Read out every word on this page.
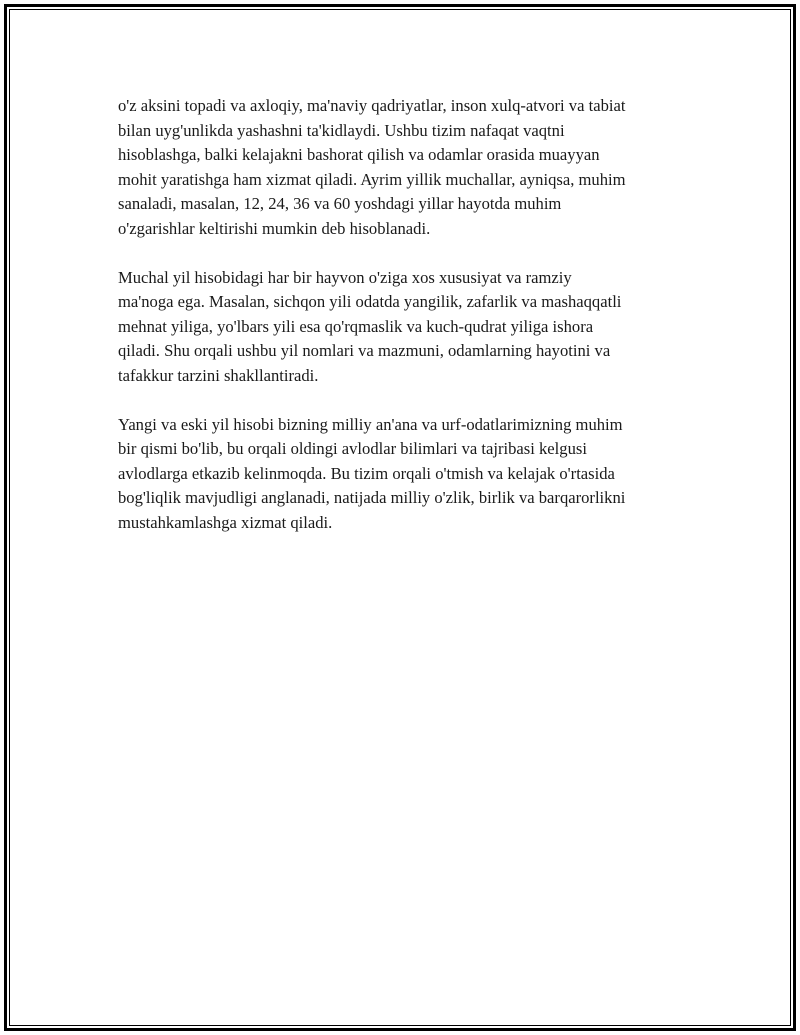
o'z aksini topadi va axloqiy, ma'naviy qadriyatlar, inson xulq-atvori va tabiat
bilan uyg'unlikda yashashni ta'kidlaydi. Ushbu tizim nafaqat vaqtni
hisoblashga, balki kelajakni bashorat qilish va odamlar orasida muayyan
mohit yaratishga ham xizmat qiladi. Ayrim yillik muchallar, ayniqsa, muhim
sanaladi, masalan, 12, 24, 36 va 60 yoshdagi yillar hayotda muhim
o'zgarishlar keltirishi mumkin deb hisoblanadi.

Muchal yil hisobidagi har bir hayvon o'ziga xos xususiyat va ramziy
ma'noga ega. Masalan, sichqon yili odatda yangilik, zafarlik va mashaqqatli
mehnat yiliga, yo'lbars yili esa qo'rqmaslik va kuch-qudrat yiliga ishora
qiladi. Shu orqali ushbu yil nomlari va mazmuni, odamlarning hayotini va
tafakkur tarzini shakllantiradi.

Yangi va eski yil hisobi bizning milliy an'ana va urf-odatlarimizning muhim
bir qismi bo'lib, bu orqali oldingi avlodlar bilimlari va tajribasi kelgusi
avlodlarga etkazib kelinmoqda. Bu tizim orqali o'tmish va kelajak o'rtasida
bog'liqlik mavjudligi anglanadi, natijada milliy o'zlik, birlik va barqarorlikni
mustahkamlashga xizmat qiladi.
